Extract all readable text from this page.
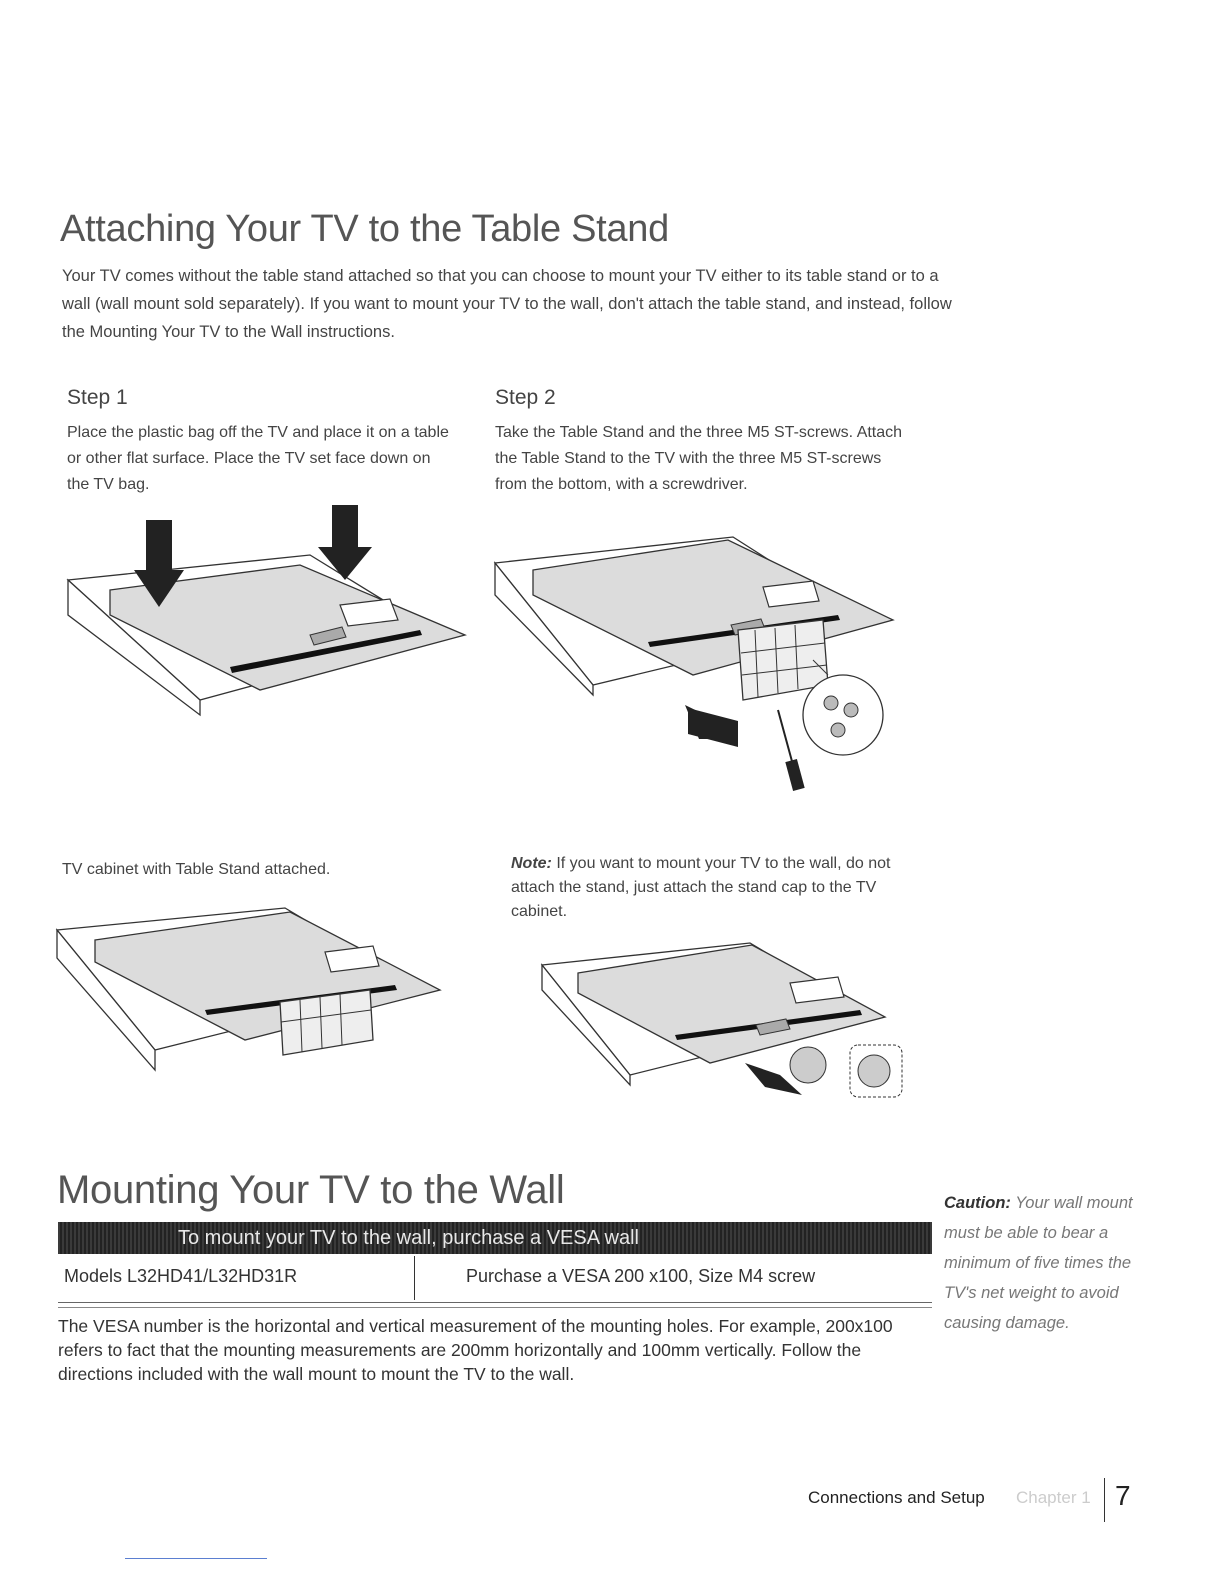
Attaching Your TV to the Table Stand
Your TV comes without the table stand attached so that you can choose to mount your TV either to its table stand or to a wall (wall mount sold separately). If you want to mount your TV to the wall, don't attach the table stand, and instead, follow the Mounting Your TV to the Wall instructions.
Step 1
Place the plastic bag off the TV and place it on a table or other flat surface. Place the TV set face down on the TV bag.
Step 2
Take the Table Stand and the three M5 ST-screws. Attach the Table Stand to the TV with the three M5 ST-screws from the bottom, with a screwdriver.
TV cabinet with Table Stand attached.	Note: If you want to mount your TV to the wall, do not attach the stand, just attach the stand cap to the TV cabinet.
Mounting Your TV to the Wall
To mount your TV to the wall, purchase a VESA wall
Models L32HD41/L32HD31R	Purchase a VESA 200 x100, Size M4 screw
The VESA number is the horizontal and vertical measurement of the mounting holes. For example, 200x100 refers to fact that the mounting measurements are 200mm horizontally and 100mm vertically. Follow the directions included with the wall mount to mount the TV to the wall.
Caution: Your wall mount must be able to bear a minimum of five times the TV's net weight to avoid causing damage.
Connections and Setup Chapter 1 7
